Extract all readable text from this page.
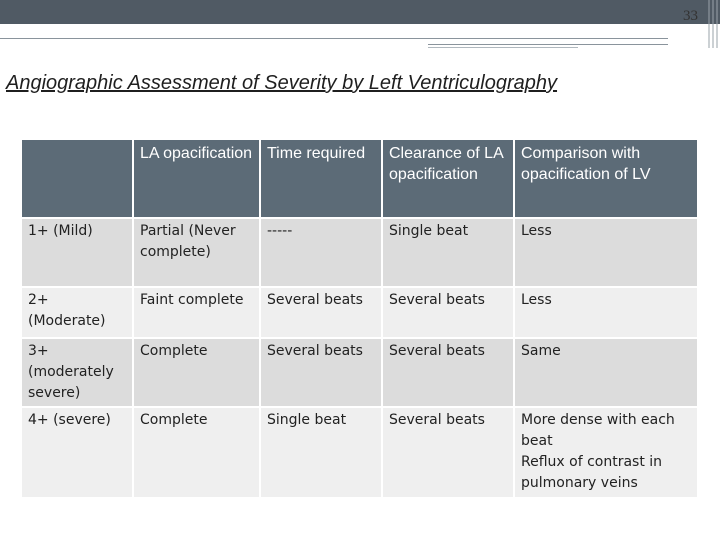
33
Angiographic Assessment of Severity by Left Ventriculography
	LA opacification	Time required	Clearance of LA opacification	Comparison with opacification of LV
1+ (Mild)	Partial (Never complete)	-----	Single beat	Less
2+ (Moderate)	Faint complete	Several beats	Several beats	Less
3+ (moderately severe)	Complete	Several beats	Several beats	Same
4+ (severe)	Complete	Single beat	Several beats	More dense with each beat
Reflux of contrast in pulmonary veins
